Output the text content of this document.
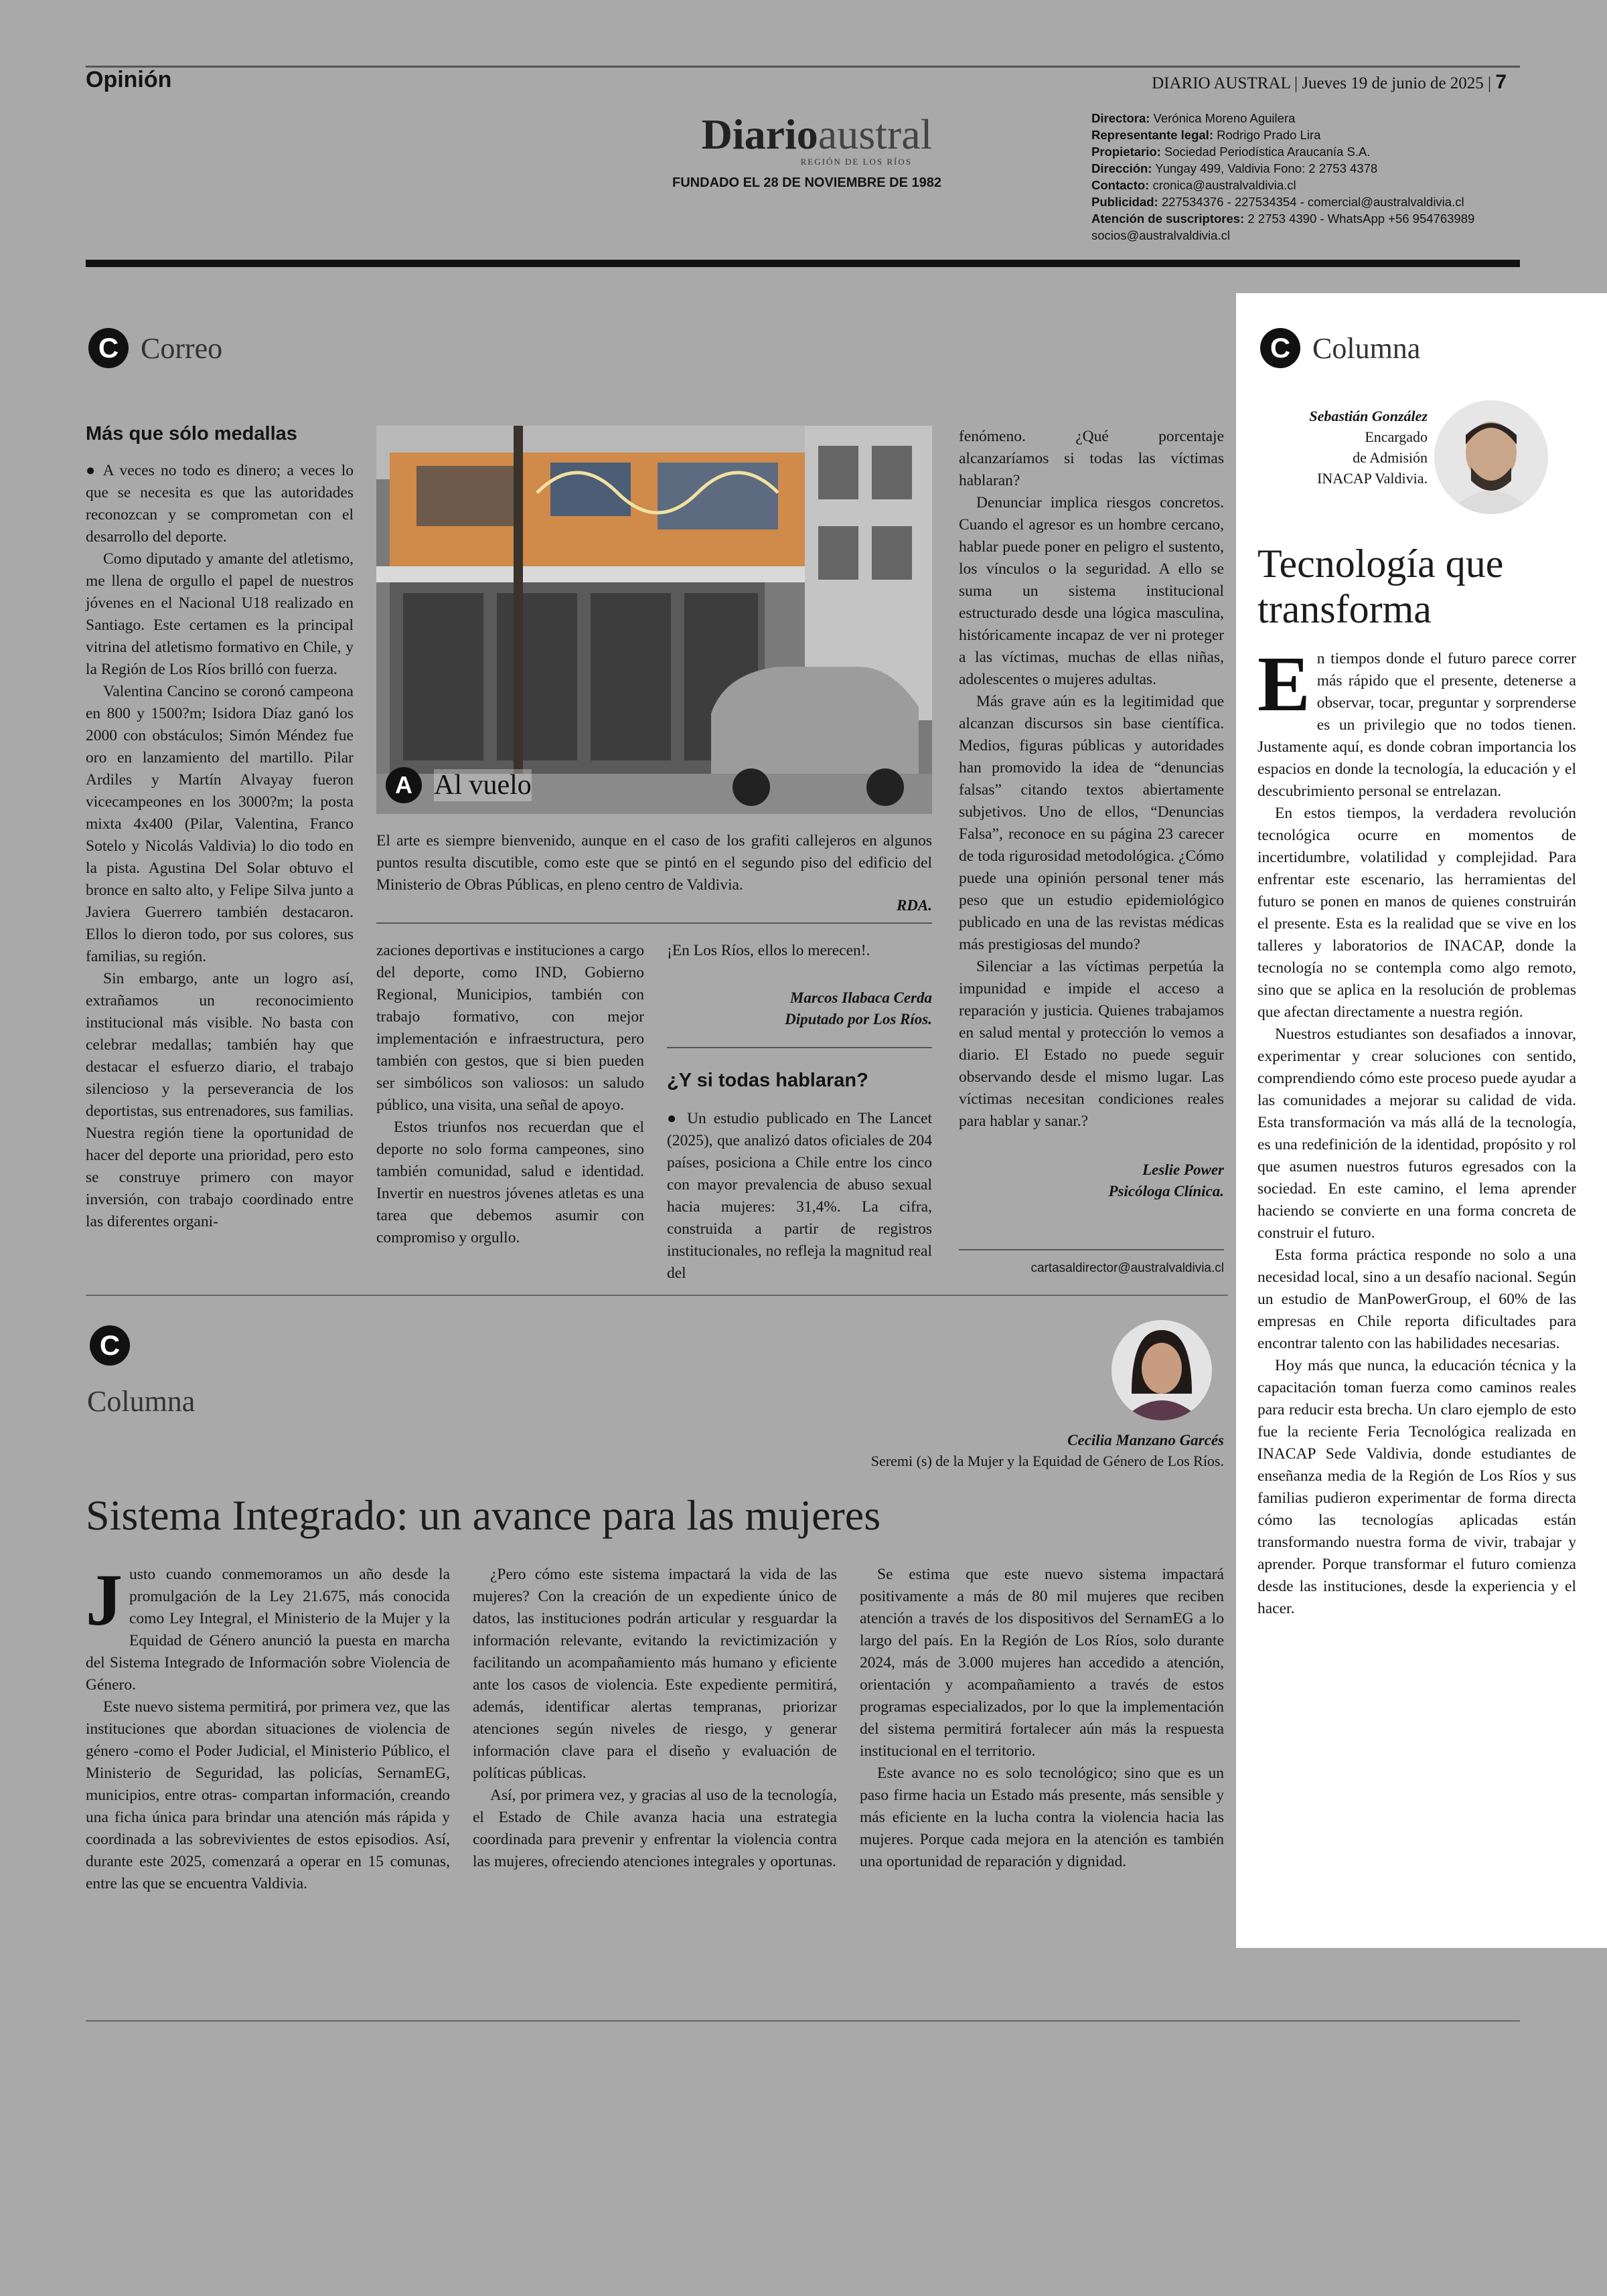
Opinión	DIARIO AUSTRAL | Jueves 19 de junio de 2025 | 7
Diarioaustral
REGIÓN DE LOS RÍOS
FUNDADO EL 28 DE NOVIEMBRE DE 1982
Directora: Verónica Moreno Aguilera
Representante legal: Rodrigo Prado Lira
Propietario: Sociedad Periodística Araucanía S.A.
Dirección: Yungay 499, Valdivia Fono: 2 2753 4378
Contacto: cronica@australvaldivia.cl
Publicidad: 227534376 - 227534354 - comercial@australvaldivia.cl
Atención de suscriptores: 2 2753 4390 - WhatsApp +56 954763989
socios@australvaldivia.cl
C Correo
Más que sólo medallas

● A veces no todo es dinero; a veces lo que se necesita es que las autoridades reconozcan y se comprometan con el desarrollo del deporte.

Como diputado y amante del atletismo, me llena de orgullo el papel de nuestros jóvenes en el Nacional U18 realizado en Santiago. Este certamen es la principal vitrina del atletismo formativo en Chile, y la Región de Los Ríos brilló con fuerza.

Valentina Cancino se coronó campeona en 800 y 1500?m; Isidora Díaz ganó los 2000 con obstáculos; Simón Méndez fue oro en lanzamiento del martillo. Pilar Ardiles y Martín Alvayay fueron vicecampeones en los 3000?m; la posta mixta 4x400 (Pilar, Valentina, Franco Sotelo y Nicolás Valdivia) lo dio todo en la pista. Agustina Del Solar obtuvo el bronce en salto alto, y Felipe Silva junto a Javiera Guerrero también destacaron. Ellos lo dieron todo, por sus colores, sus familias, su región.

Sin embargo, ante un logro así, extrañamos un reconocimiento institucional más visible. No basta con celebrar medallas; también hay que destacar el esfuerzo diario, el trabajo silencioso y la perseverancia de los deportistas, sus entrenadores, sus familias. Nuestra región tiene la oportunidad de hacer del deporte una prioridad, pero esto se construye primero con mayor inversión, con trabajo coordinado entre las diferentes organi-

A Al vuelo
El arte es siempre bienvenido, aunque en el caso de los grafiti callejeros en algunos puntos resulta discutible, como este que se pintó en el segundo piso del edificio del Ministerio de Obras Públicas, en pleno centro de Valdivia.
RDA.

zaciones deportivas e instituciones a cargo del deporte, como IND, Gobierno Regional, Municipios, también con trabajo formativo, con mejor implementación e infraestructura, pero también con gestos, que si bien pueden ser simbólicos son valiosos: un saludo público, una visita, una señal de apoyo.

Estos triunfos nos recuerdan que el deporte no solo forma campeones, sino también comunidad, salud e identidad. Invertir en nuestros jóvenes atletas es una tarea que debemos asumir con compromiso y orgullo.

¡En Los Ríos, ellos lo merecen!.
Marcos Ilabaca Cerda
Diputado por Los Ríos.
¿Y si todas hablaran?

● Un estudio publicado en The Lancet (2025), que analizó datos oficiales de 204 países, posiciona a Chile entre los cinco con mayor prevalencia de abuso sexual hacia mujeres: 31,4%. La cifra, construida a partir de registros institucionales, no refleja la magnitud real del

fenómeno. ¿Qué porcentaje alcanzaríamos si todas las víctimas hablaran?

Denunciar implica riesgos concretos. Cuando el agresor es un hombre cercano, hablar puede poner en peligro el sustento, los vínculos o la seguridad. A ello se suma un sistema institucional estructurado desde una lógica masculina, históricamente incapaz de ver ni proteger a las víctimas, muchas de ellas niñas, adolescentes o mujeres adultas.

Más grave aún es la legitimidad que alcanzan discursos sin base científica. Medios, figuras públicas y autoridades han promovido la idea de “denuncias falsas” citando textos abiertamente subjetivos. Uno de ellos, “Denuncias Falsa”, reconoce en su página 23 carecer de toda rigurosidad metodológica. ¿Cómo puede una opinión personal tener más peso que un estudio epidemiológico publicado en una de las revistas médicas más prestigiosas del mundo?

Silenciar a las víctimas perpetúa la impunidad e impide el acceso a reparación y justicia. Quienes trabajamos en salud mental y protección lo vemos a diario. El Estado no puede seguir observando desde el mismo lugar. Las víctimas necesitan condiciones reales para hablar y sanar.?

Leslie Power
Psicóloga Clínica.
cartasaldirector@australvaldivia.cl
C Columna
Sebastián González
Encargado
de Admisión
INACAP Valdivia.
Tecnología que transforma
E n tiempos donde el futuro parece correr más rápido que el presente, detenerse a observar, tocar, preguntar y sorprenderse es un privilegio que no todos tienen. Justamente aquí, es donde cobran importancia los espacios en donde la tecnología, la educación y el descubrimiento personal se entrelazan.

En estos tiempos, la verdadera revolución tecnológica ocurre en momentos de incertidumbre, volatilidad y complejidad. Para enfrentar este escenario, las herramientas del futuro se ponen en manos de quienes construirán el presente. Esta es la realidad que se vive en los talleres y laboratorios de INACAP, donde la tecnología no se contempla como algo remoto, sino que se aplica en la resolución de problemas que afectan directamente a nuestra región.

Nuestros estudiantes son desafiados a innovar, experimentar y crear soluciones con sentido, comprendiendo cómo este proceso puede ayudar a las comunidades a mejorar su calidad de vida. Esta transformación va más allá de la tecnología, es una redefinición de la identidad, propósito y rol que asumen nuestros futuros egresados con la sociedad. En este camino, el lema aprender haciendo se convierte en una forma concreta de construir el futuro.

Esta forma práctica responde no solo a una necesidad local, sino a un desafío nacional. Según un estudio de ManPowerGroup, el 60% de las empresas en Chile reporta dificultades para encontrar talento con las habilidades necesarias.

Hoy más que nunca, la educación técnica y la capacitación toman fuerza como caminos reales para reducir esta brecha. Un claro ejemplo de esto fue la reciente Feria Tecnológica realizada en INACAP Sede Valdivia, donde estudiantes de enseñanza media de la Región de Los Ríos y sus familias pudieron experimentar de forma directa cómo las tecnologías aplicadas están transformando nuestra forma de vivir, trabajar y aprender. Porque transformar el futuro comienza desde las instituciones, desde la experiencia y el hacer.

C
Columna
Cecilia Manzano Garcés
Seremi (s) de la Mujer y la Equidad de Género de Los Ríos.
Sistema Integrado: un avance para las mujeres
J usto cuando conmemoramos un año desde la promulgación de la Ley 21.675, más conocida como Ley Integral, el Ministerio de la Mujer y la Equidad de Género anunció la puesta en marcha del Sistema Integrado de Información sobre Violencia de Género.

Este nuevo sistema permitirá, por primera vez, que las instituciones que abordan situaciones de violencia de género -como el Poder Judicial, el Ministerio Público, el Ministerio de Seguridad, las policías, SernamEG, municipios, entre otras- compartan información, creando una ficha única para brindar una atención más rápida y coordinada a las sobrevivientes de estos episodios. Así, durante este 2025, comenzará a operar en 15 comunas, entre las que se encuentra Valdivia.

¿Pero cómo este sistema impactará la vida de las mujeres? Con la creación de un expediente único de datos, las instituciones podrán articular y resguardar la información relevante, evitando la revictimización y facilitando un acompañamiento más humano y eficiente ante los casos de violencia. Este expediente permitirá, además, identificar alertas tempranas, priorizar atenciones según niveles de riesgo, y generar información clave para el diseño y evaluación de políticas públicas.

Así, por primera vez, y gracias al uso de la tecnología, el Estado de Chile avanza hacia una estrategia coordinada para prevenir y enfrentar la violencia contra las mujeres, ofreciendo atenciones integrales y oportunas.

Se estima que este nuevo sistema impactará positivamente a más de 80 mil mujeres que reciben atención a través de los dispositivos del SernamEG a lo largo del país. En la Región de Los Ríos, solo durante 2024, más de 3.000 mujeres han accedido a atención, orientación y acompañamiento a través de estos programas especializados, por lo que la implementación del sistema permitirá fortalecer aún más la respuesta institucional en el territorio.

Este avance no es solo tecnológico; sino que es un paso firme hacia un Estado más presente, más sensible y más eficiente en la lucha contra la violencia hacia las mujeres. Porque cada mejora en la atención es también una oportunidad de reparación y dignidad.
